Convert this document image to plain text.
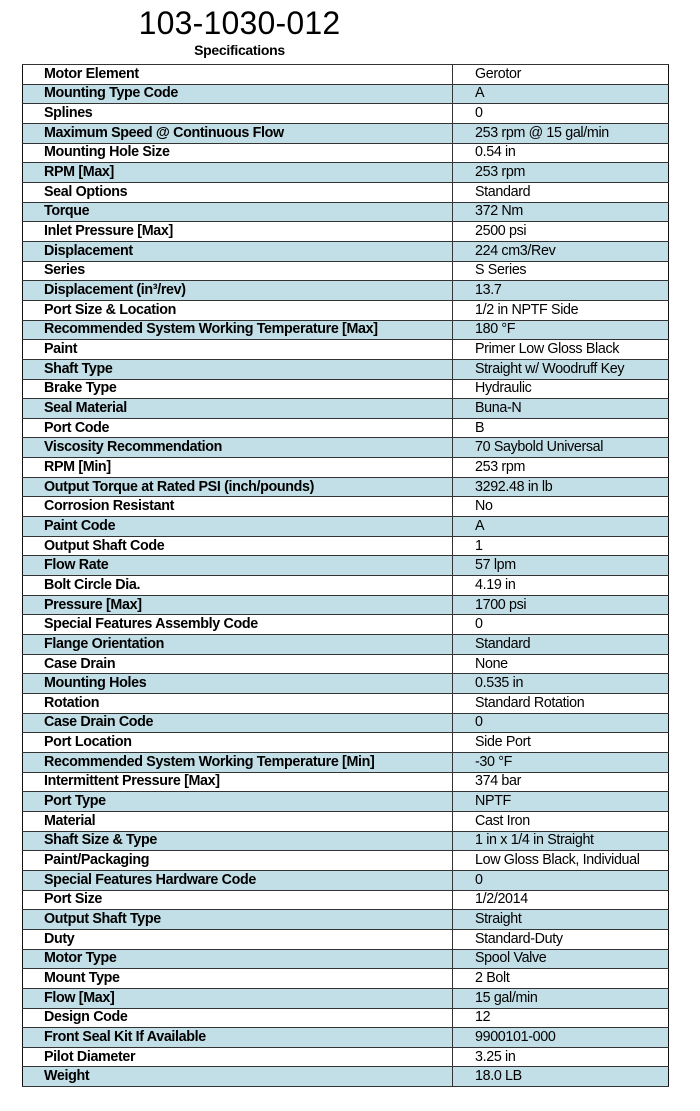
103-1030-012
Specifications
Motor Element	Gerotor
Mounting Type Code	A
Splines	0
Maximum Speed @ Continuous Flow	253 rpm @ 15 gal/min
Mounting Hole Size	0.54 in
RPM [Max]	253 rpm
Seal Options	Standard
Torque	372 Nm
Inlet Pressure [Max]	2500 psi
Displacement	224 cm3/Rev
Series	S Series
Displacement (in³/rev)	13.7
Port Size & Location	1/2 in NPTF Side
Recommended System Working Temperature [Max]	180 °F
Paint	Primer Low Gloss Black
Shaft Type	Straight w/ Woodruff Key
Brake Type	Hydraulic
Seal Material	Buna-N
Port Code	B
Viscosity Recommendation	70 Saybold Universal
RPM [Min]	253 rpm
Output Torque at Rated PSI (inch/pounds)	3292.48 in lb
Corrosion Resistant	No
Paint Code	A
Output Shaft Code	1
Flow Rate	57 lpm
Bolt Circle Dia.	4.19 in
Pressure [Max]	1700 psi
Special Features Assembly Code	0
Flange Orientation	Standard
Case Drain	None
Mounting Holes	0.535 in
Rotation	Standard Rotation
Case Drain Code	0
Port Location	Side Port
Recommended System Working Temperature [Min]	-30 °F
Intermittent Pressure [Max]	374 bar
Port Type	NPTF
Material	Cast Iron
Shaft Size & Type	1 in x 1/4 in Straight
Paint/Packaging	Low Gloss Black, Individual
Special Features Hardware Code	0
Port Size	1/2/2014
Output Shaft Type	Straight
Duty	Standard-Duty
Motor Type	Spool Valve
Mount Type	2 Bolt
Flow [Max]	15 gal/min
Design Code	12
Front Seal Kit If Available	9900101-000
Pilot Diameter	3.25 in
Weight	18.0 LB
